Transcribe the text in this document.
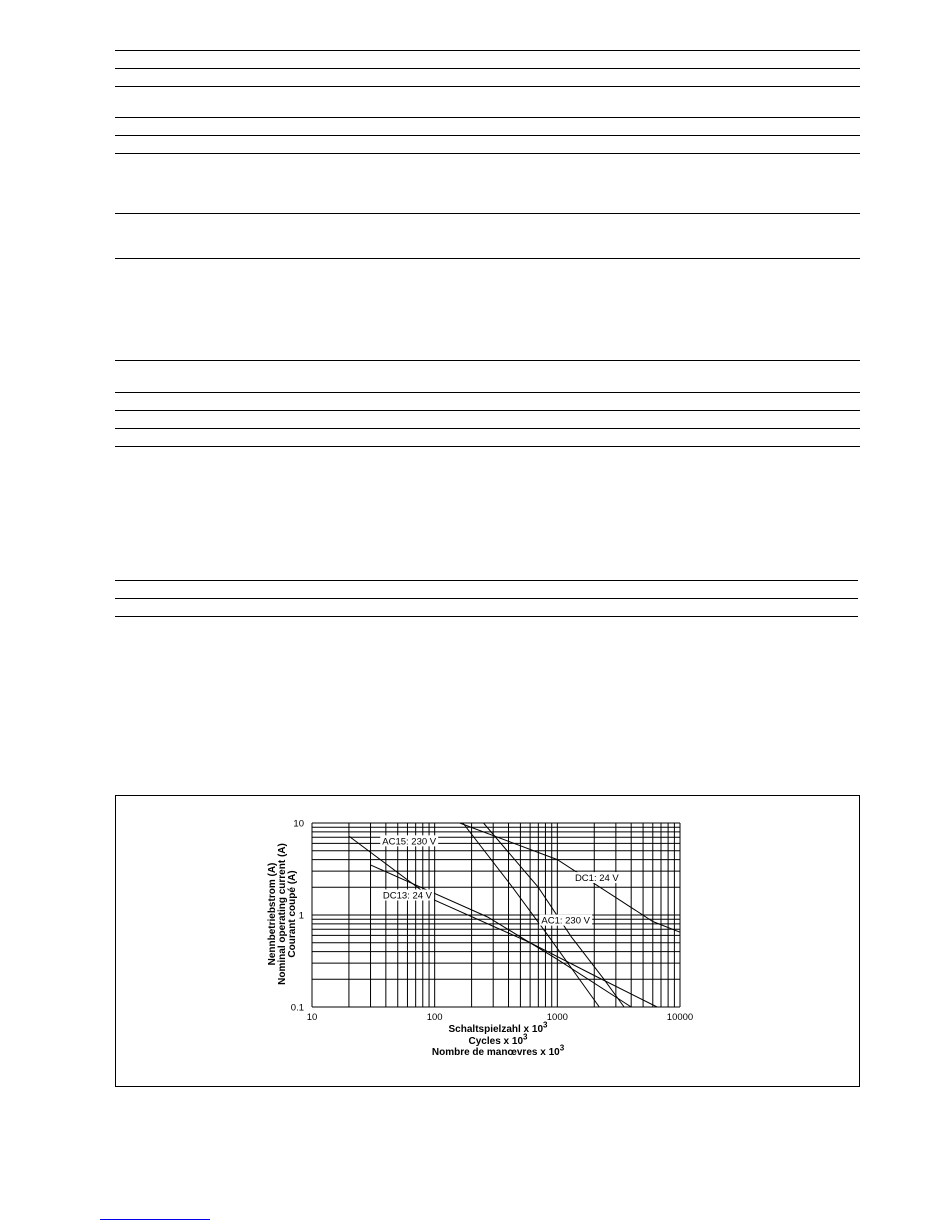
AC15: 230 V
DC1: 24 V
DC13: 24 V
AC1: 230 V
10	100	1000	10000
10
1
0.1
Nennbetriebstrom (A) Nominal operating current (A) Courant coupé (A)
Schaltspielzahl x $10^3$
Cycles x $10^3$
Nombre de manœvres x $10^3$
